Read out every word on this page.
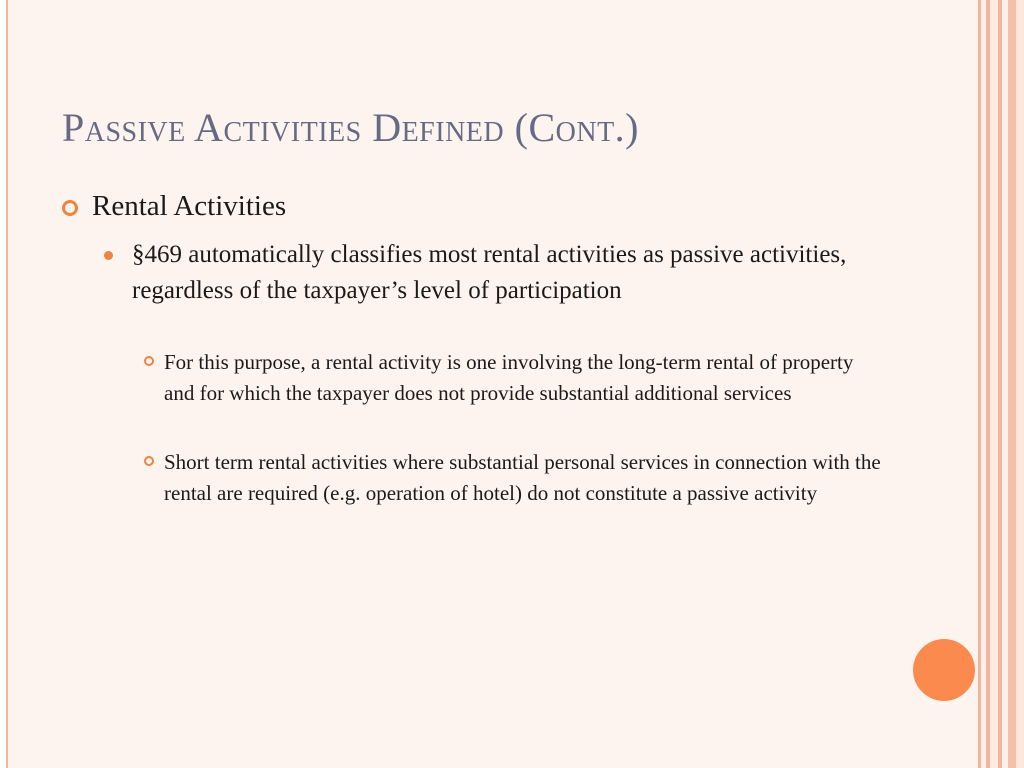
Passive Activities Defined (Cont.)
Rental Activities
§469 automatically classifies most rental activities as passive activities, regardless of the taxpayer’s level of participation
For this purpose, a rental activity is one involving the long-term rental of property and for which the taxpayer does not provide substantial additional services
Short term rental activities where substantial personal services in connection with the rental are required (e.g. operation of hotel) do not constitute a passive activity
